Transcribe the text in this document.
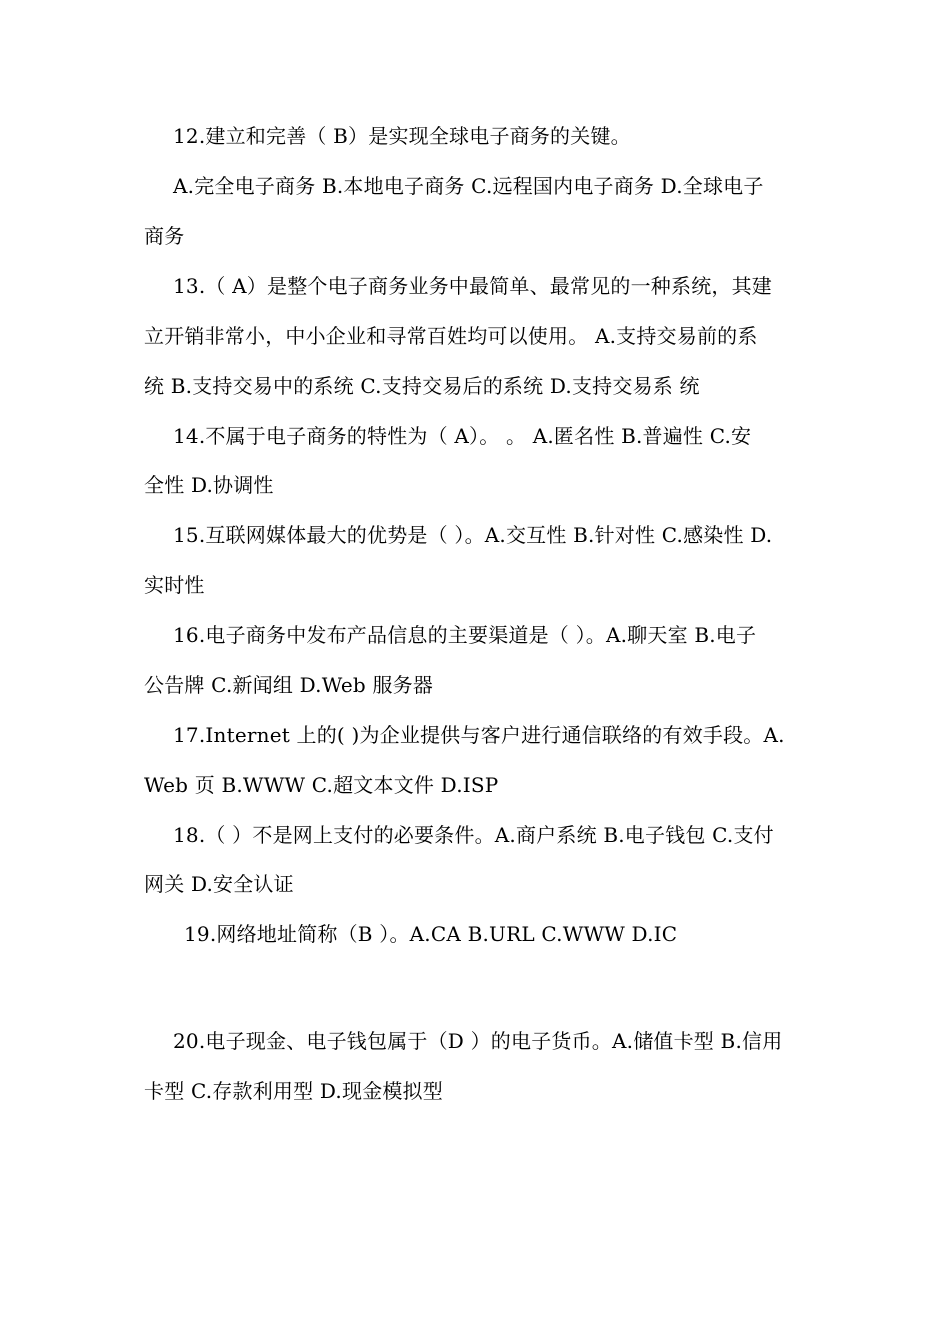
12.建立和完善（ B）是实现全球电子商务的关键。
A.完全电子商务 B.本地电子商务 C.远程国内电子商务 D.全球电子
商务
13.（ A）是整个电子商务业务中最简单、最常见的一种系统，其建
立开销非常小，中小企业和寻常百姓均可以使用。 A.支持交易前的系
统 B.支持交易中的系统 C.支持交易后的系统 D.支持交易系 统
14.不属于电子商务的特性为（ A）。 。 A.匿名性 B.普遍性 C.安
全性 D.协调性
15.互联网媒体最大的优势是（ ）。A.交互性 B.针对性 C.感染性 D.
实时性
16.电子商务中发布产品信息的主要渠道是（ ）。A.聊天室 B.电子
公告牌 C.新闻组 D.Web 服务器
17.Internet 上的( )为企业提供与客户进行通信联络的有效手段。A.
Web 页 B.WWW C.超文本文件 D.ISP
18.（ ）不是网上支付的必要条件。A.商户系统 B.电子钱包 C.支付
网关 D.安全认证
19.网络地址简称（B ）。A.CA B.URL C.WWW D.IC
20.电子现金、电子钱包属于（D ）的电子货币。A.储值卡型 B.信用
卡型 C.存款利用型 D.现金模拟型
